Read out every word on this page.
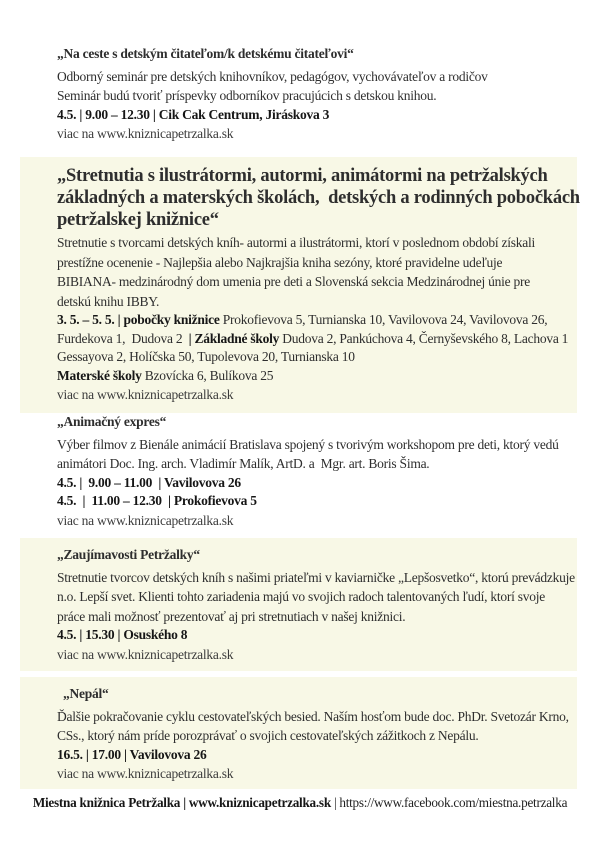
„Na ceste s detským čitateľom/k detskému čitateľovi“
Odborný seminár pre detských knihovníkov, pedagógov, vychovávateľov a rodičov
Seminár budú tvoriť príspevky odborníkov pracujúcich s detskou knihou.
4.5. | 9.00 – 12.30 | Cik Cak Centrum, Jiráskova 3
viac na www.kniznicapetrzalka.sk
„Stretnutia s ilustrátormi, autormi, animátormi na petržalských
základných a materských školách,  detských a rodinných pobočkách
petržalskej knižnice“
Stretnutie s tvorcami detských kníh- autormi a ilustrátormi, ktorí v poslednom období získali
prestížne ocenenie - Najlepšia alebo Najkrajšia kniha sezóny, ktoré pravidelne udeľuje
BIBIANA- medzinárodný dom umenia pre deti a Slovenská sekcia Medzinárodnej únie pre
detskú knihu IBBY.
3. 5. – 5. 5. | pobočky knižnice Prokofievova 5, Turnianska 10, Vavilovova 24, Vavilovova 26,
Furdekova 1,  Dudova 2  | Základné školy Dudova 2, Pankúchova 4, Černyševského 8, Lachova 1
Gessayova 2, Holíčska 50, Tupolevova 20, Turnianska 10
Materské školy Bzovícka 6, Bulíkova 25
viac na www.kniznicapetrzalka.sk
„Animačný expres“
Výber filmov z Bienále animácií Bratislava spojený s tvorivým workshopom pre deti, ktorý vedú
animátori Doc. Ing. arch. Vladimír Malík, ArtD. a  Mgr. art. Boris Šima.
4.5. |  9.00 – 11.00  | Vavilovova 26
4.5.  |  11.00 – 12.30  | Prokofievova 5
viac na www.kniznicapetrzalka.sk
„Zaujímavosti Petržalky“
Stretnutie tvorcov detských kníh s našimi priateľmi v kaviarničke „Lepšosvetko“, ktorú prevádzkuje
n.o. Lepší svet. Klienti tohto zariadenia majú vo svojich radoch talentovaných ľudí, ktorí svoje
práce mali možnosť prezentovať aj pri stretnutiach v našej knižnici.
4.5. | 15.30 | Osuského 8
viac na www.kniznicapetrzalka.sk
„Nepál“
Ďalšie pokračovanie cyklu cestovateľských besied. Naším hosťom bude doc. PhDr. Svetozár Krno,
CSs., ktorý nám príde porozprávať o svojich cestovateľských zážitkoch z Nepálu.
16.5. | 17.00 | Vavilovova 26
viac na www.kniznicapetrzalka.sk
Miestna knižnica Petržalka | www.kniznicapetrzalka.sk | https://www.facebook.com/miestna.petrzalka
